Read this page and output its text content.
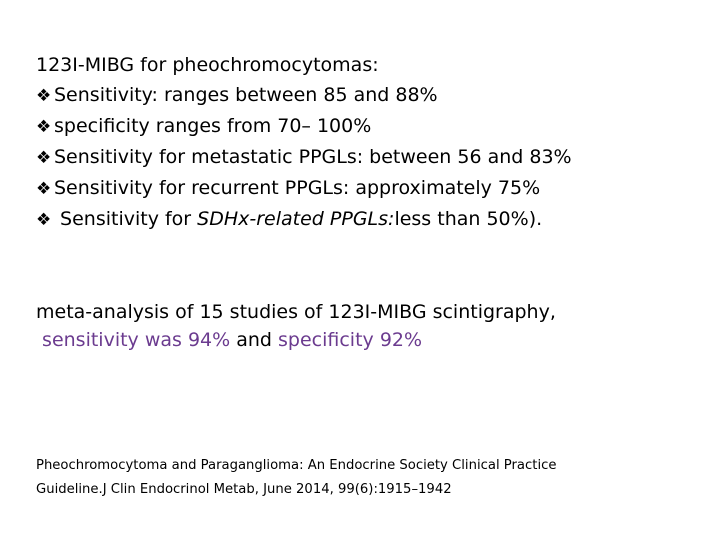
123I-MIBG for pheochromocytomas:
❖ Sensitivity: ranges between 85 and 88%
❖ specificity ranges from 70– 100%
❖ Sensitivity for metastatic PPGLs: between 56 and 83%
❖ Sensitivity for recurrent PPGLs: approximately 75%
❖ Sensitivity for SDHx-related PPGLs:less than 50%).
meta-analysis of 15 studies of 123I-MIBG scintigraphy,
sensitivity was 94% and specificity 92%
Pheochromocytoma and Paraganglioma: An Endocrine Society Clinical Practice
Guideline.J Clin Endocrinol Metab, June 2014, 99(6):1915–1942
